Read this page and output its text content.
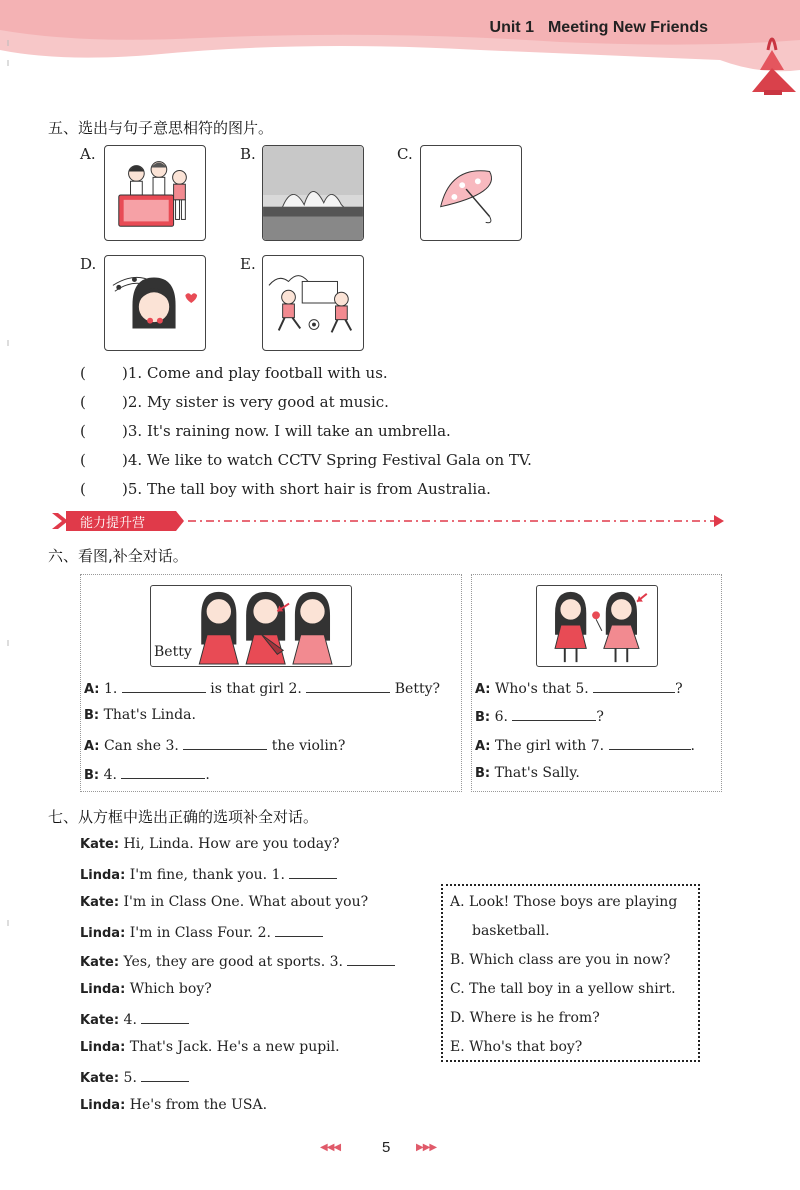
Unit 1 Meeting New Friends
五、选出与句子意思相符的图片。
A.	B.	C.
D.	E.
( )1. Come and play football with us.
( )2. My sister is very good at music.
( )3. It's raining now. I will take an umbrella.
( )4. We like to watch CCTV Spring Festival Gala on TV.
( )5. The tall boy with short hair is from Australia.
能力提升营
六、看图,补全对话。
Betty
A: 1.	is that girl 2.	Betty?
B: That's Linda.
A: Can she 3.	the violin?
B: 4.	.
A: Who's that 5.	?
B: 6.	?
A: The girl with 7.	.
B: That's Sally.
七、从方框中选出正确的选项补全对话。
Kate: Hi, Linda. How are you today?
Linda: I'm fine, thank you. 1.
Kate: I'm in Class One. What about you?
Linda: I'm in Class Four. 2.
Kate: Yes, they are good at sports. 3.
Linda: Which boy?
Kate: 4.
Linda: That's Jack. He's a new pupil.
Kate: 5.
Linda: He's from the USA.
A. Look! Those boys are playing
basketball.
B. Which class are you in now?
C. The tall boy in a yellow shirt.
D. Where is he from?
E. Who's that boy?
◀◀◀	5	▶▶▶
